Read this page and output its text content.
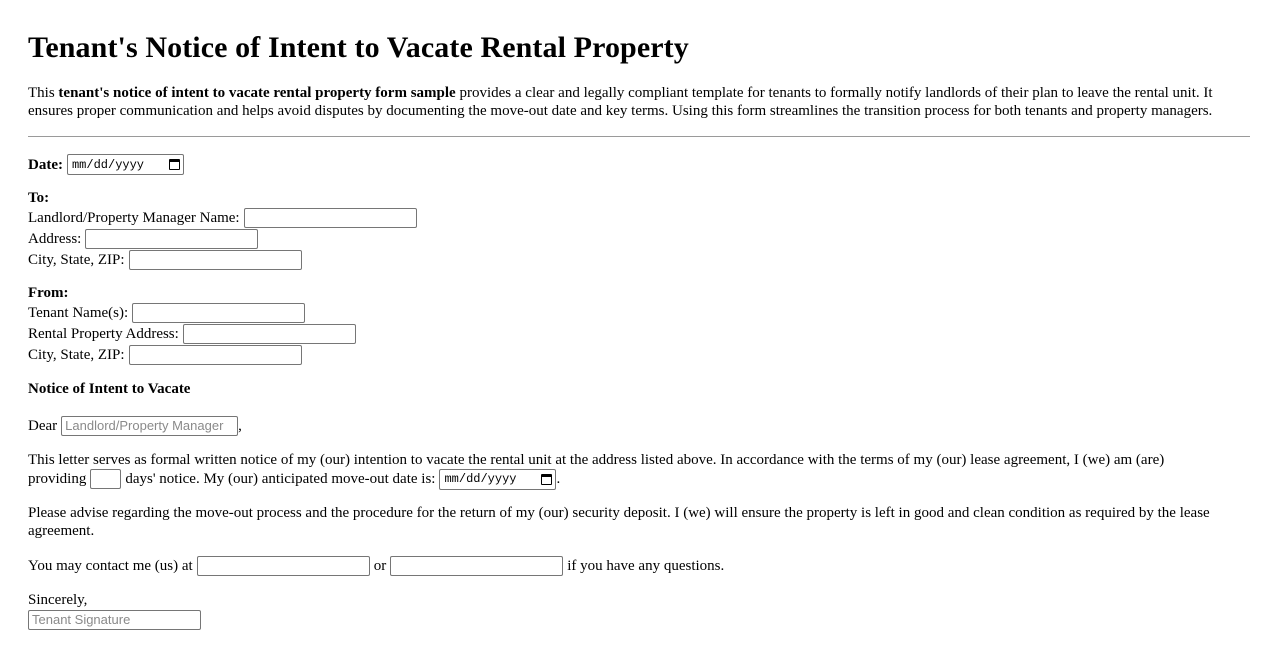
Tenant's Notice of Intent to Vacate Rental Property
This tenant's notice of intent to vacate rental property form sample provides a clear and legally compliant template for tenants to formally notify landlords of their plan to leave the rental unit. It ensures proper communication and helps avoid disputes by documenting the move-out date and key terms. Using this form streamlines the transition process for both tenants and property managers.
Date: mm/dd/yyyy
To:
Landlord/Property Manager Name:
Address:
City, State, ZIP:
From:
Tenant Name(s):
Rental Property Address:
City, State, ZIP:
Notice of Intent to Vacate
Dear Landlord/Property Manager ,
This letter serves as formal written notice of my (our) intention to vacate the rental unit at the address listed above. In accordance with the terms of my (our) lease agreement, I (we) am (are)
providing	days' notice. My (our) anticipated move-out date is: mm/dd/yyyy	.
Please advise regarding the move-out process and the procedure for the return of my (our) security deposit. I (we) will ensure the property is left in good and clean condition as required by the lease agreement.
You may contact me (us) at	or	if you have any questions.
Sincerely,
Tenant Signature
